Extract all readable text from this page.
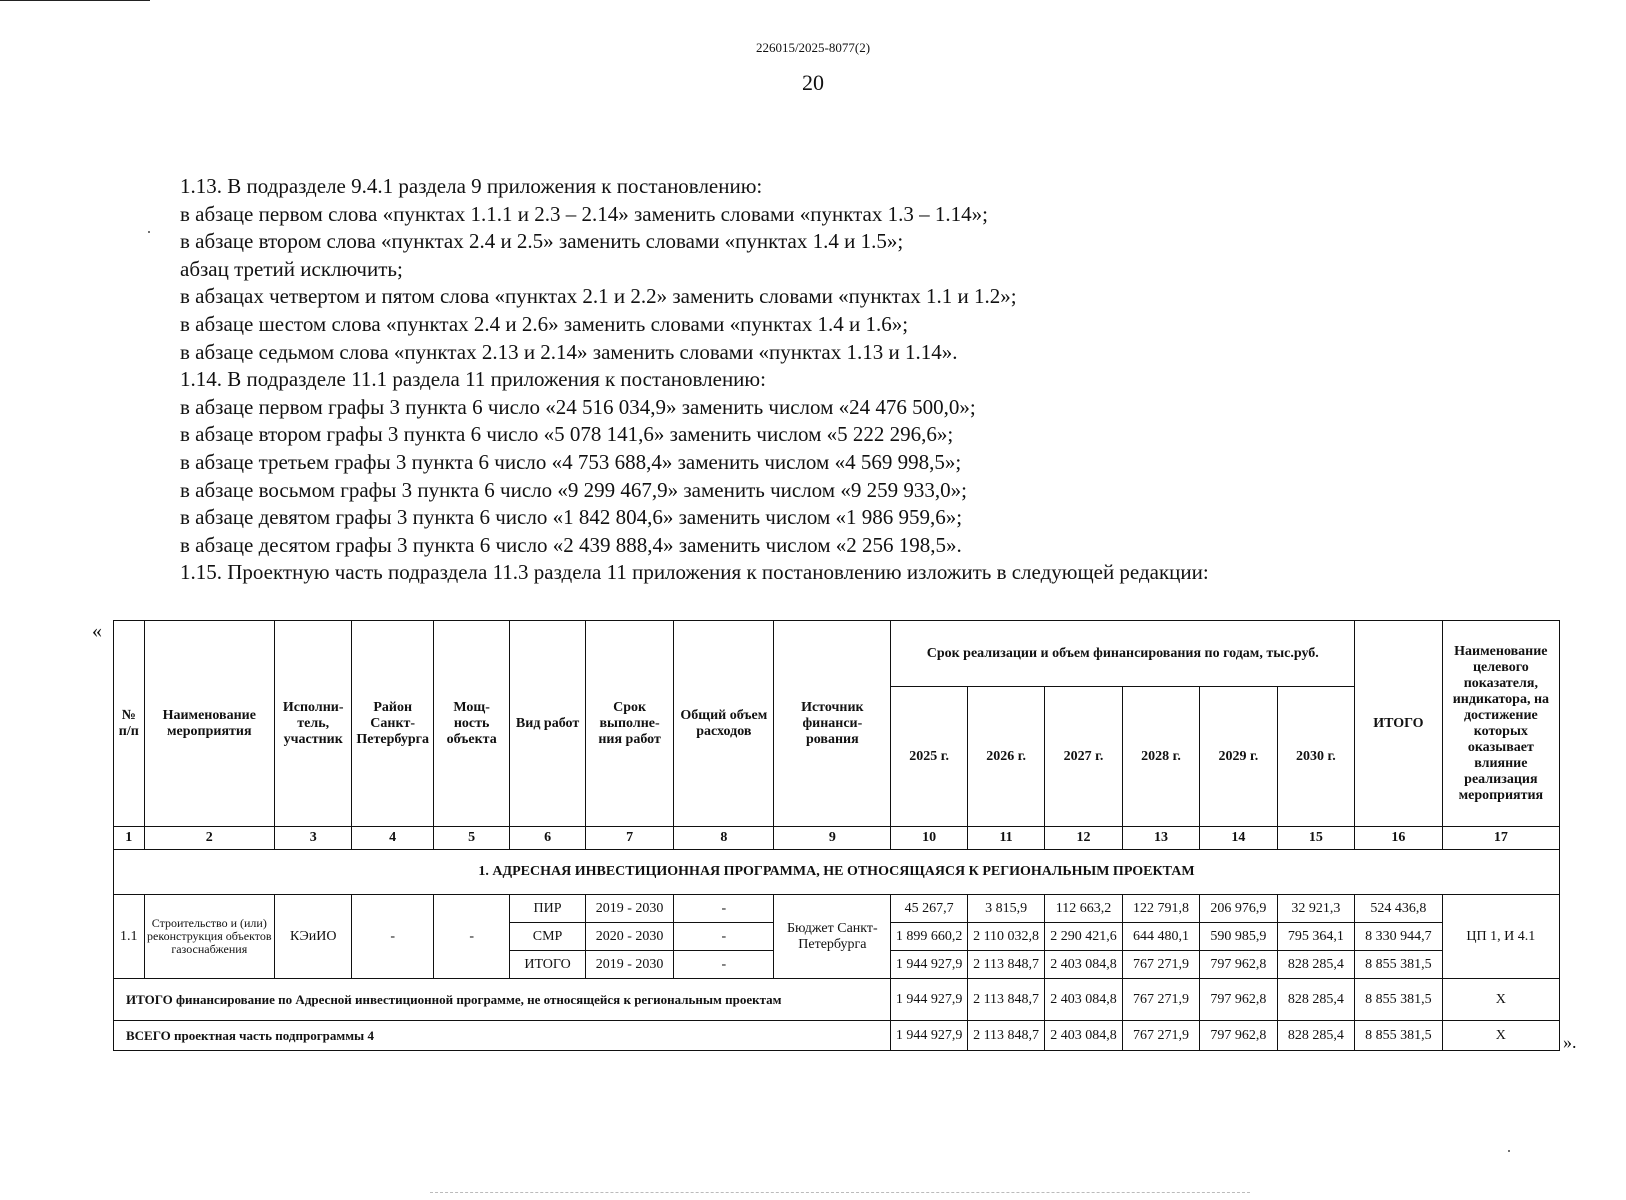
226015/2025-8077(2)
20
1.13. В подразделе 9.4.1 раздела 9 приложения к постановлению:
в абзаце первом слова «пунктах 1.1.1 и 2.3 – 2.14» заменить словами «пунктах 1.3 – 1.14»;
в абзаце втором слова «пунктах 2.4 и 2.5» заменить словами «пунктах 1.4 и 1.5»;
абзац третий исключить;
в абзацах четвертом и пятом слова «пунктах 2.1 и 2.2» заменить словами «пунктах 1.1 и 1.2»;
в абзаце шестом слова «пунктах 2.4 и 2.6» заменить словами «пунктах 1.4 и 1.6»;
в абзаце седьмом слова «пунктах 2.13 и 2.14» заменить словами «пунктах 1.13 и 1.14».
1.14. В подразделе 11.1 раздела 11 приложения к постановлению:
в абзаце первом графы 3 пункта 6 число «24 516 034,9» заменить числом «24 476 500,0»;
в абзаце втором графы 3 пункта 6 число «5 078 141,6» заменить числом «5 222 296,6»;
в абзаце третьем графы 3 пункта 6 число «4 753 688,4» заменить числом «4 569 998,5»;
в абзаце восьмом графы 3 пункта 6 число «9 299 467,9» заменить числом «9 259 933,0»;
в абзаце девятом графы 3 пункта 6 число «1 842 804,6» заменить числом «1 986 959,6»;
в абзаце десятом графы 3 пункта 6 число «2 439 888,4» заменить числом «2 256 198,5».
1.15. Проектную часть подраздела 11.3 раздела 11 приложения к постановлению изложить в следующей редакции:
«
№ п/п	Наименование мероприятия	Исполни-тель, участник	Район Санкт-Петербурга	Мощ-ность объекта	Вид работ	Срок выполне-ния работ	Общий объем расходов	Источник финанси-рования	Срок реализации и объем финансирования по годам, тыс.руб.						ИТОГО	Наименование целевого показателя, индикатора, на достижение которых оказывает влияние реализация мероприятия
									2025 г.	2026 г.	2027 г.	2028 г.	2029 г.	2030 г.		
1	2	3	4	5	6	7	8	9	10	11	12	13	14	15	16	17
1. АДРЕСНАЯ ИНВЕСТИЦИОННАЯ ПРОГРАММА, НЕ ОТНОСЯЩАЯСЯ К РЕГИОНАЛЬНЫМ ПРОЕКТАМ																
1.1	Строительство и (или) реконструкция объектов газоснабжения	КЭиИО	-	-	ПИР	2019 - 2030	-	Бюджет Санкт-Петербурга	45 267,7	3 815,9	112 663,2	122 791,8	206 976,9	32 921,3	524 436,8	ЦП 1, И 4.1
					СМР	2020 - 2030	-		1 899 660,2	2 110 032,8	2 290 421,6	644 480,1	590 985,9	795 364,1	8 330 944,7	
					ИТОГО	2019 - 2030	-		1 944 927,9	2 113 848,7	2 403 084,8	767 271,9	797 962,8	828 285,4	8 855 381,5	
ИТОГО финансирование по Адресной инвестиционной программе, не относящейся к региональным проектам									1 944 927,9	2 113 848,7	2 403 084,8	767 271,9	797 962,8	828 285,4	8 855 381,5	Х
ВСЕГО проектная часть подпрограммы 4									1 944 927,9	2 113 848,7	2 403 084,8	767 271,9	797 962,8	828 285,4	8 855 381,5	Х	».
